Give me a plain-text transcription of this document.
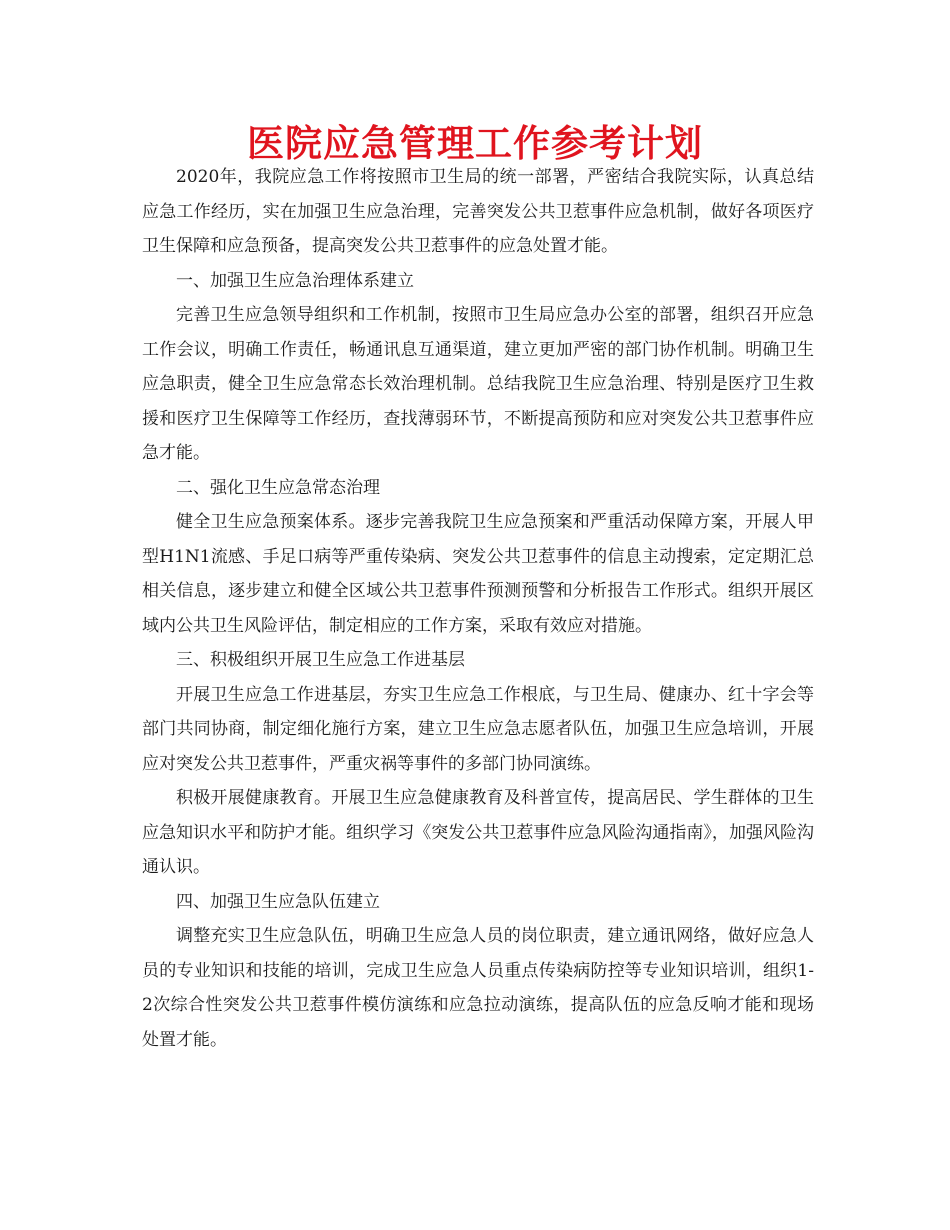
医院应急管理工作参考计划

2020年，我院应急工作将按照市卫生局的统一部署，严密结合我院实际，认真总结应急工作经历，实在加强卫生应急治理，完善突发公共卫惹事件应急机制，做好各项医疗卫生保障和应急预备，提高突发公共卫惹事件的应急处置才能。

一、加强卫生应急治理体系建立

完善卫生应急领导组织和工作机制，按照市卫生局应急办公室的部署，组织召开应急工作会议，明确工作责任，畅通讯息互通渠道，建立更加严密的部门协作机制。明确卫生应急职责，健全卫生应急常态长效治理机制。总结我院卫生应急治理、特别是医疗卫生救援和医疗卫生保障等工作经历，查找薄弱环节，不断提高预防和应对突发公共卫惹事件应急才能。

二、强化卫生应急常态治理

健全卫生应急预案体系。逐步完善我院卫生应急预案和严重活动保障方案，开展人甲型H1N1流感、手足口病等严重传染病、突发公共卫惹事件的信息主动搜索，定定期汇总相关信息，逐步建立和健全区域公共卫惹事件预测预警和分析报告工作形式。组织开展区域内公共卫生风险评估，制定相应的工作方案，采取有效应对措施。

三、积极组织开展卫生应急工作进基层

开展卫生应急工作进基层，夯实卫生应急工作根底，与卫生局、健康办、红十字会等部门共同协商，制定细化施行方案，建立卫生应急志愿者队伍，加强卫生应急培训，开展应对突发公共卫惹事件，严重灾祸等事件的多部门协同演练。

积极开展健康教育。开展卫生应急健康教育及科普宣传，提高居民、学生群体的卫生应急知识水平和防护才能。组织学习《突发公共卫惹事件应急风险沟通指南》，加强风险沟通认识。

四、加强卫生应急队伍建立

调整充实卫生应急队伍，明确卫生应急人员的岗位职责，建立通讯网络，做好应急人员的专业知识和技能的培训，完成卫生应急人员重点传染病防控等专业知识培训，组织1-2次综合性突发公共卫惹事件模仿演练和应急拉动演练，提高队伍的应急反响才能和现场处置才能。
